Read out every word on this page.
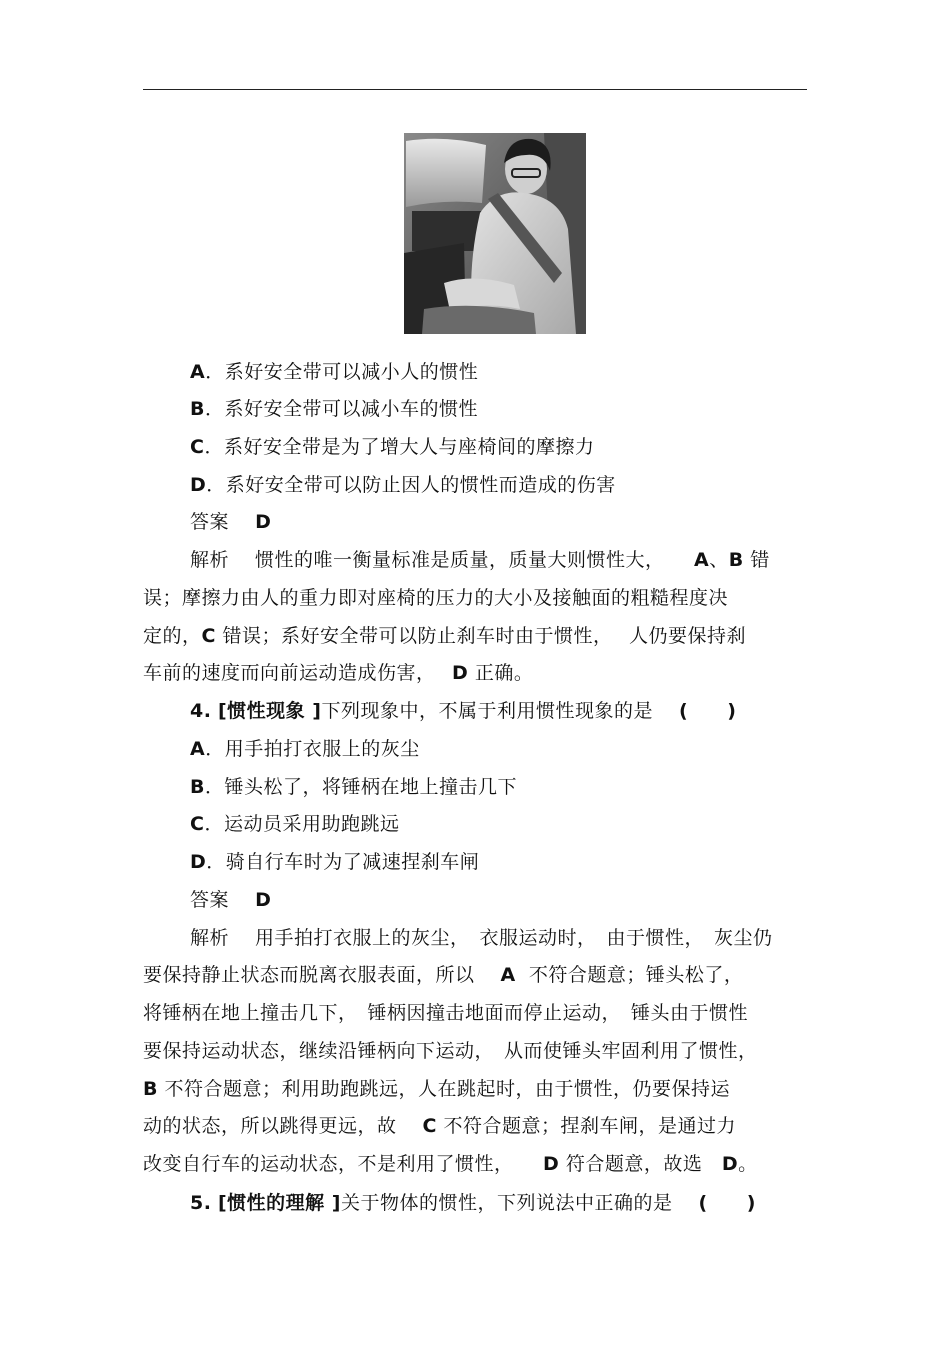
A．系好安全带可以减小人的惯性
B．系好安全带可以减小车的惯性
C．系好安全带是为了增大人与座椅间的摩擦力
D．系好安全带可以防止因人的惯性而造成的伤害
答案　 D
解析　 惯性的唯一衡量标准是质量，质量大则惯性大，　　A、B 错
误；摩擦力由人的重力即对座椅的压力的大小及接触面的粗糙程度决
定的，C 错误；系好安全带可以防止刹车时由于惯性，　 人仍要保持刹
车前的速度而向前运动造成伤害，　 D 正确。
4. [惯性现象 ]下列现象中，不属于利用惯性现象的是　 (　　)
A．用手拍打衣服上的灰尘
B．锤头松了，将锤柄在地上撞击几下
C．运动员采用助跑跳远
D．骑自行车时为了减速捏刹车闸
答案　 D
解析　 用手拍打衣服上的灰尘，　衣服运动时，　由于惯性，　灰尘仍
要保持静止状态而脱离衣服表面，所以　 A  不符合题意；锤头松了，
将锤柄在地上撞击几下，　锤柄因撞击地面而停止运动，　锤头由于惯性
要保持运动状态，继续沿锤柄向下运动，　从而使锤头牢固利用了惯性，
B 不符合题意；利用助跑跳远，人在跳起时，由于惯性，仍要保持运
动的状态，所以跳得更远，故　 C 不符合题意；捏刹车闸，是通过力
改变自行车的运动状态，不是利用了惯性，　　D 符合题意，故选　D。
5. [惯性的理解 ]关于物体的惯性，下列说法中正确的是　 (　　)
